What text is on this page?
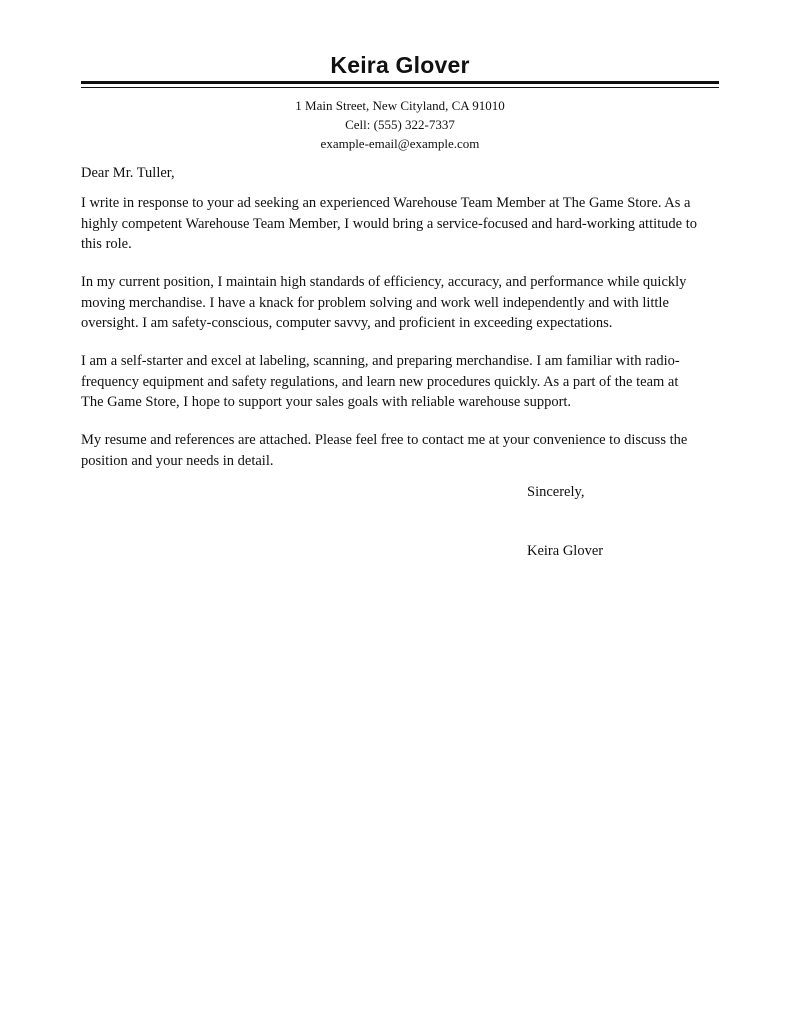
Keira Glover
1 Main Street, New Cityland, CA 91010
Cell: (555) 322-7337
example-email@example.com
Dear Mr. Tuller,
I write in response to your ad seeking an experienced Warehouse Team Member at The Game Store. As a
highly competent Warehouse Team Member, I would bring a service-focused and hard-working attitude to
this role.
In my current position, I maintain high standards of efficiency, accuracy, and performance while quickly
moving merchandise. I have a knack for problem solving and work well independently and with little
oversight. I am safety-conscious, computer savvy, and proficient in exceeding expectations.
I am a self-starter and excel at labeling, scanning, and preparing merchandise. I am familiar with radio-
frequency equipment and safety regulations, and learn new procedures quickly. As a part of the team at
The Game Store, I hope to support your sales goals with reliable warehouse support.
My resume and references are attached. Please feel free to contact me at your convenience to discuss the
position and your needs in detail.
Sincerely,
Keira Glover
